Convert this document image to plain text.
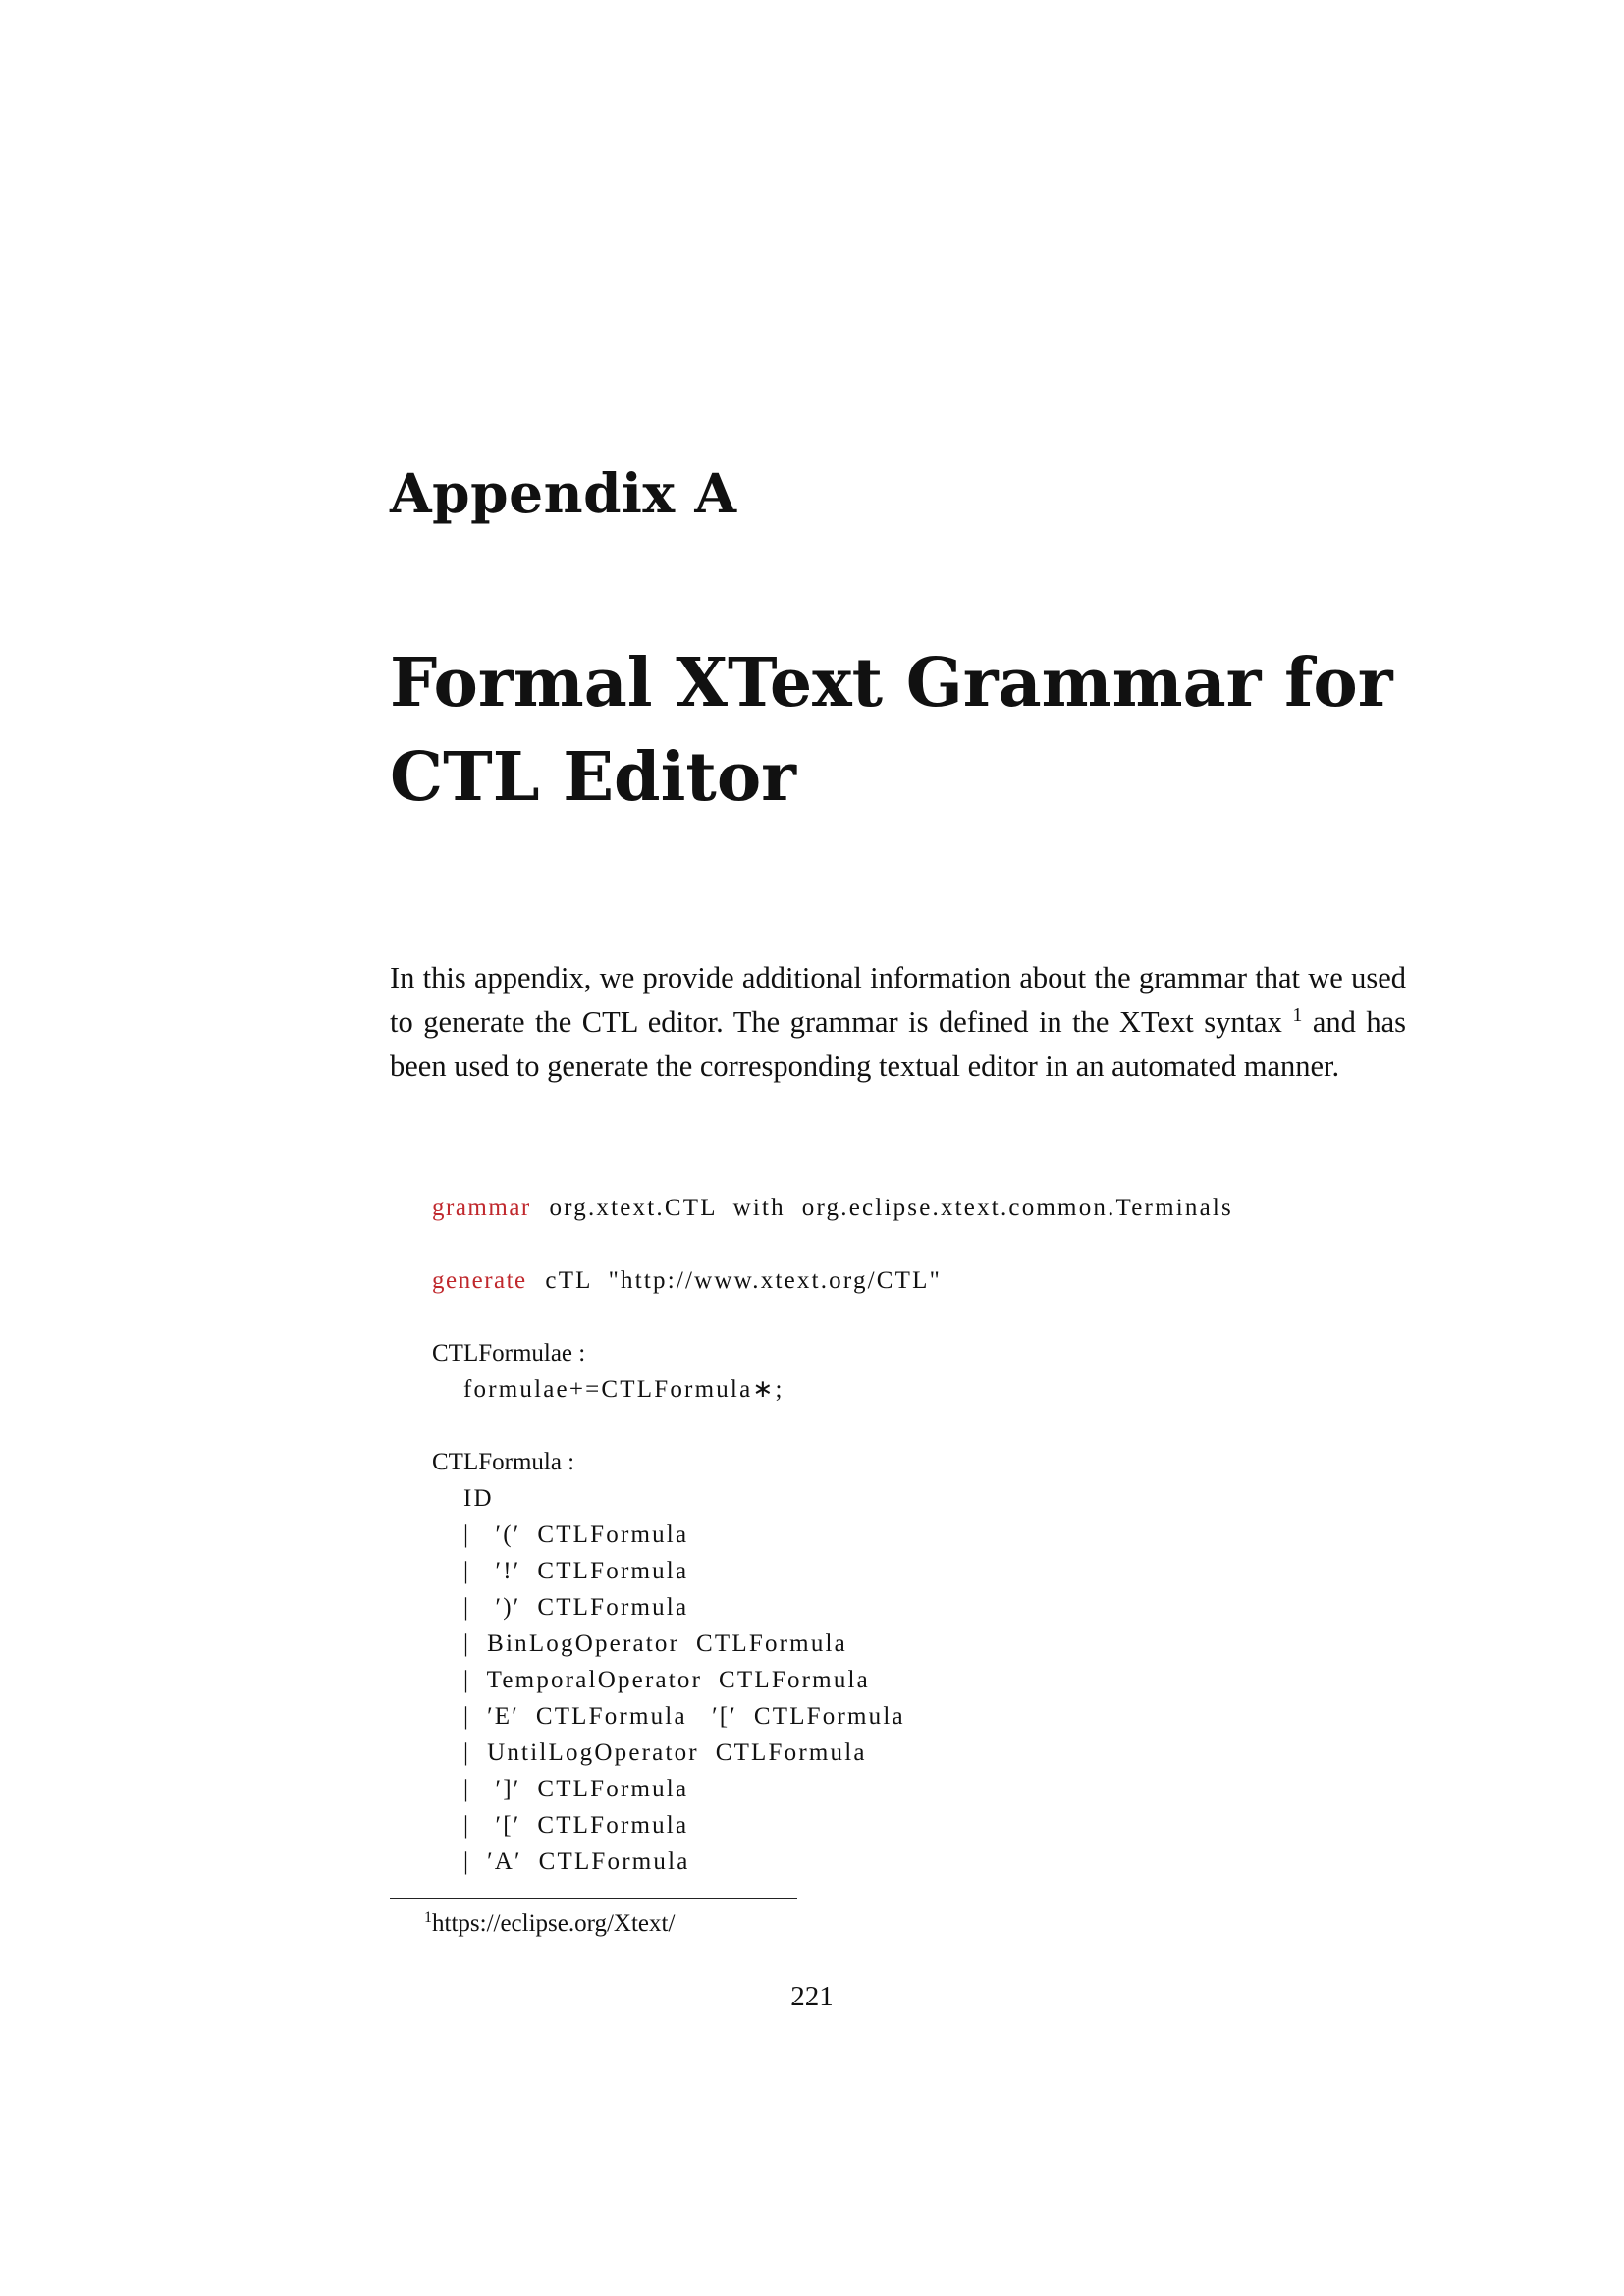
Appendix A
Formal XText Grammar for CTL Editor

In this appendix, we provide additional information about the grammar that we used to generate the CTL editor. The grammar is defined in the XText syntax $^1$ and has been used to generate the corresponding textual editor in an automated manner.

grammar org.xtext.CTL  with  org.eclipse.xtext.common.Terminals
generate cTL  "http://www.xtext.org/CTL"
CTLFormulae :
formulae+=CTLFormula∗;
CTLFormula :
ID
|   ′(′  CTLFormula
|   ′!′  CTLFormula
|   ′)′  CTLFormula
|  BinLogOperator  CTLFormula
|  TemporalOperator  CTLFormula
|  ′E′  CTLFormula   ′[′  CTLFormula
|  UntilLogOperator  CTLFormula
|   ′]′  CTLFormula
|   ′[′  CTLFormula
|  ′A′  CTLFormula
$^1$https://eclipse.org/Xtext/
221
